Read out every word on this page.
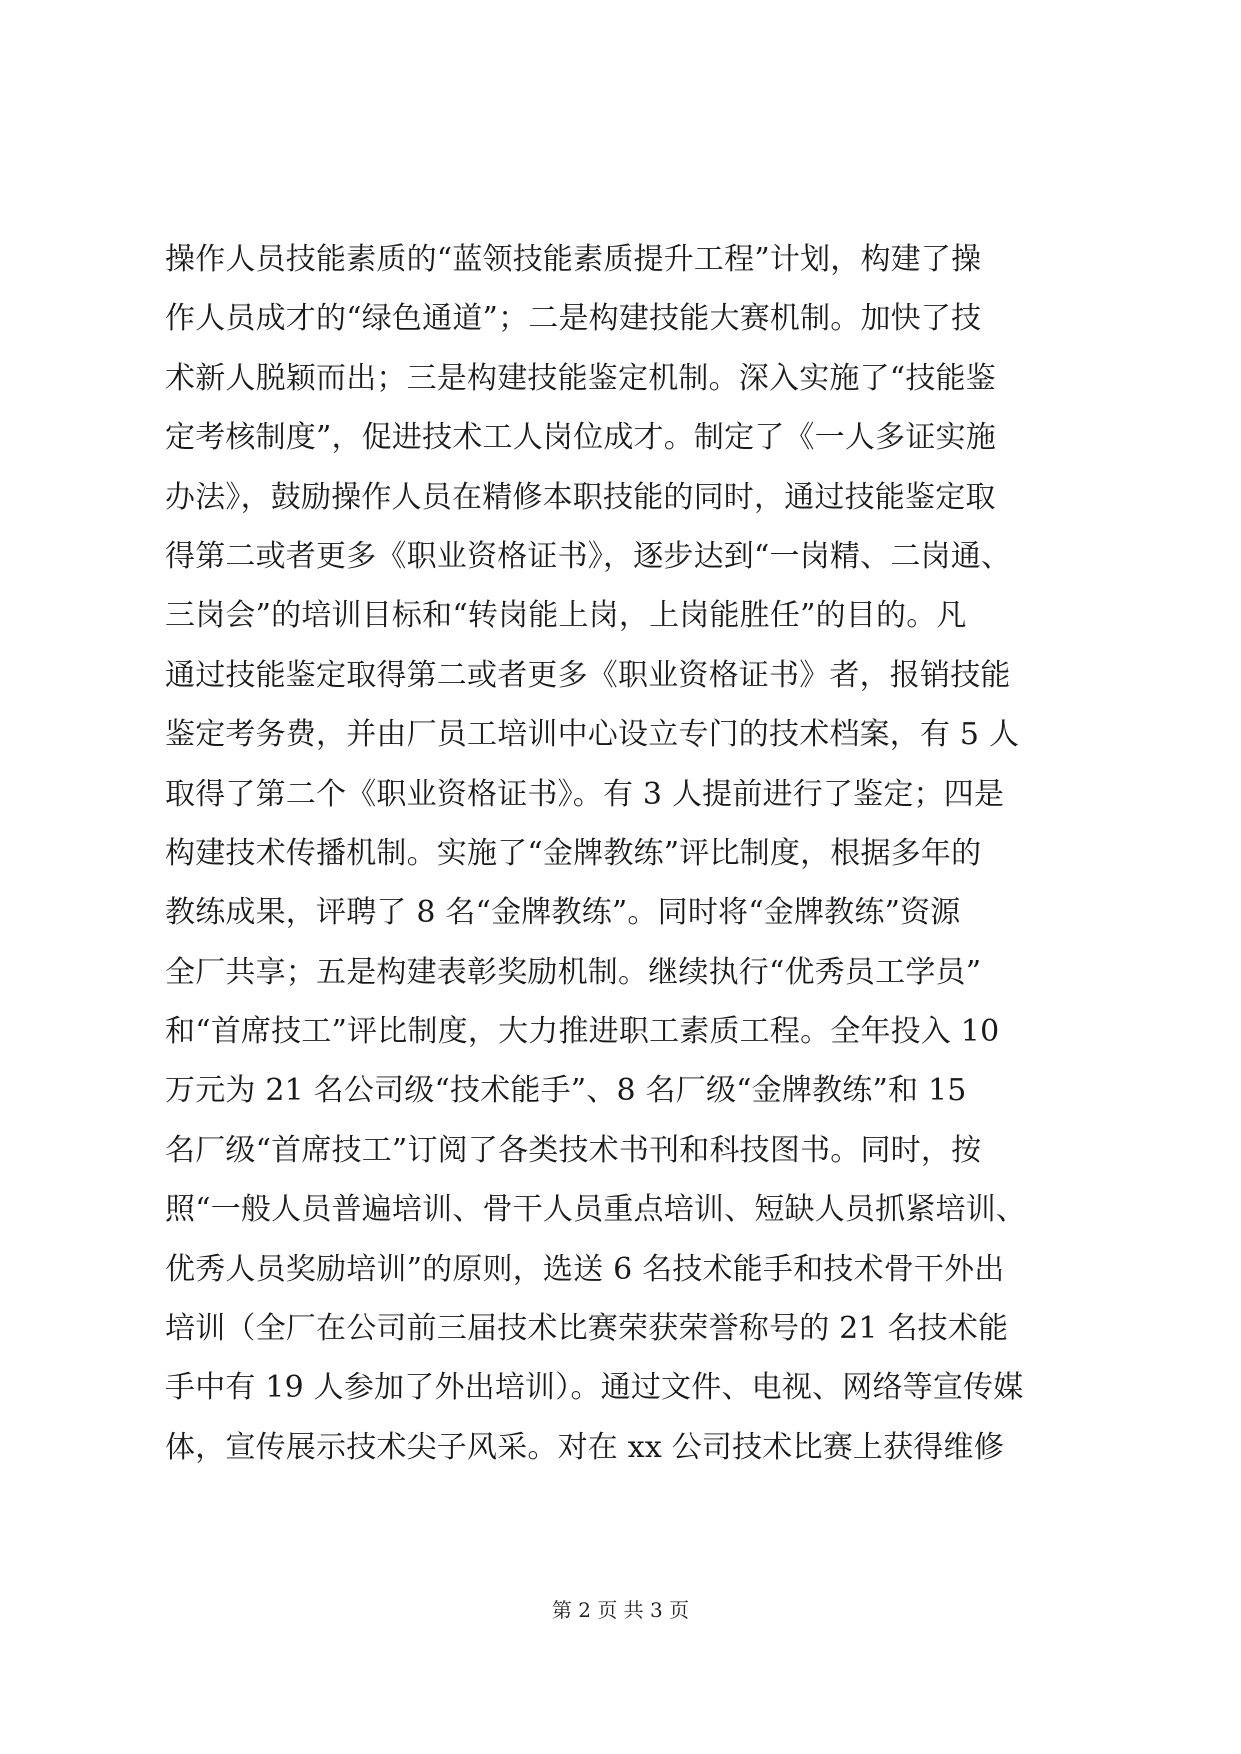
操作人员技能素质的“蓝领技能素质提升工程”计划，构建了操
作人员成才的“绿色通道”；二是构建技能大赛机制。加快了技
术新人脱颖而出；三是构建技能鉴定机制。深入实施了“技能鉴
定考核制度”，促进技术工人岗位成才。制定了《一人多证实施
办法》，鼓励操作人员在精修本职技能的同时，通过技能鉴定取
得第二或者更多《职业资格证书》，逐步达到“一岗精、二岗通、
三岗会”的培训目标和“转岗能上岗，上岗能胜任”的目的。凡
通过技能鉴定取得第二或者更多《职业资格证书》者，报销技能
鉴定考务费，并由厂员工培训中心设立专门的技术档案，有 5 人
取得了第二个《职业资格证书》。有 3 人提前进行了鉴定；四是
构建技术传播机制。实施了“金牌教练”评比制度，根据多年的
教练成果，评聘了 8 名“金牌教练”。同时将“金牌教练”资源
全厂共享；五是构建表彰奖励机制。继续执行“优秀员工学员”
和“首席技工”评比制度，大力推进职工素质工程。全年投入 10
万元为 21 名公司级“技术能手”、8 名厂级“金牌教练”和 15
名厂级“首席技工”订阅了各类技术书刊和科技图书。同时，按
照“一般人员普遍培训、骨干人员重点培训、短缺人员抓紧培训、
优秀人员奖励培训”的原则，选送 6 名技术能手和技术骨干外出
培训（全厂在公司前三届技术比赛荣获荣誉称号的 21 名技术能
手中有 19 人参加了外出培训）。通过文件、电视、网络等宣传媒
体，宣传展示技术尖子风采。对在 xx 公司技术比赛上获得维修
第 2 页 共 3 页
